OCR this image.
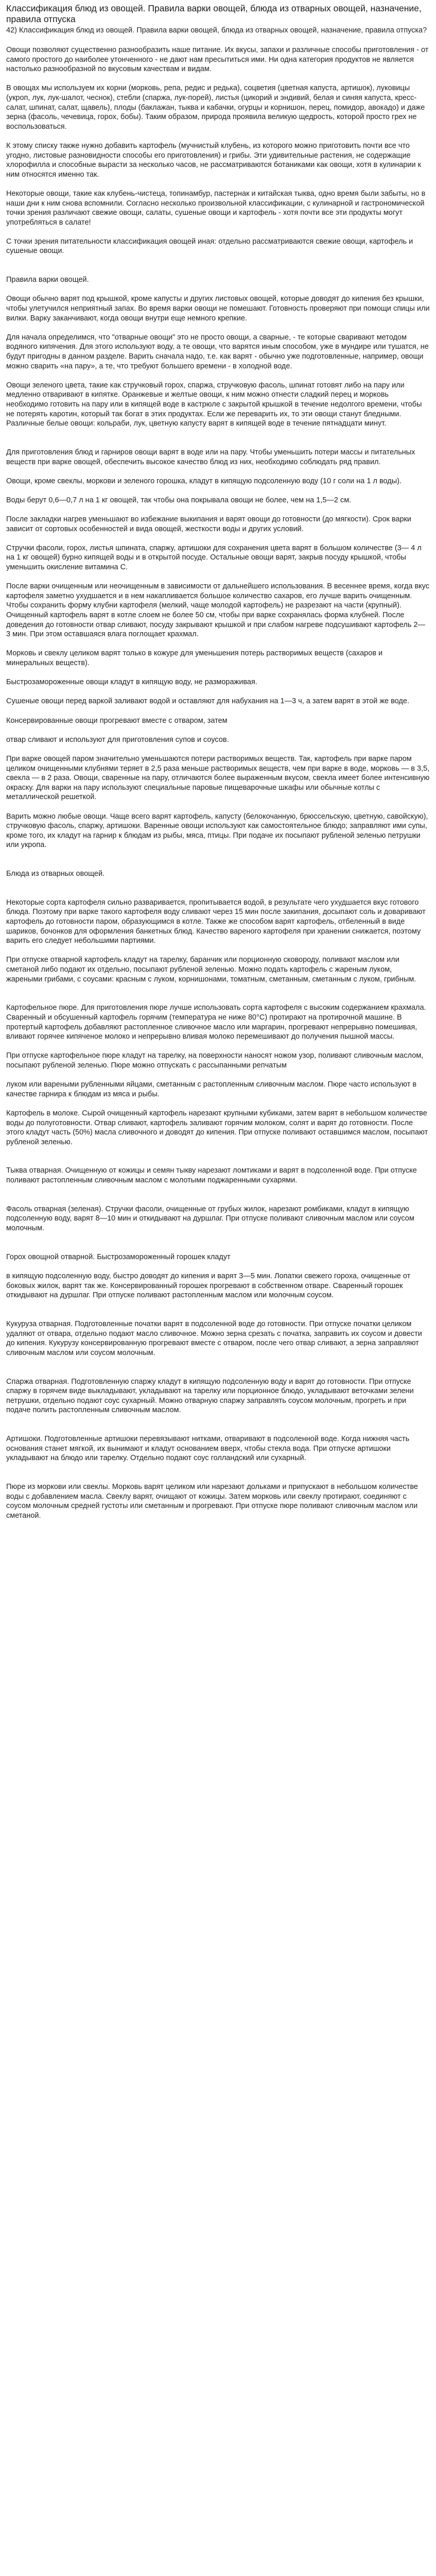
Классификация блюд из овощей. Правила варки овощей, блюда из отварных овощей, назначение, правила отпуска
42) Классификация блюд из овощей. Правила варки овощей, блюда из отварных овощей, назначение, правила отпуска?

Овощи позволяют существенно разнообразить наше питание. Их вкусы, запахи и различные способы приготовления - от самого простого до наиболее утонченного - не дают нам пресытиться ими. Ни одна категория продуктов не является настолько разнообразной по вкусовым качествам и видам.

В овощах мы используем их корни (морковь, репа, редис и редька), соцветия (цветная капуста, артишок), луковицы (укроп, лук, лук-шалот, чеснок), стебли (спаржа, лук-порей), листья (цикорий и эндивий, белая и синяя капуста, кресс-салат, шпинат, салат, щавель), плоды (баклажан, тыква и кабачки, огурцы и корнишон, перец, помидор, авокадо) и даже зерна (фасоль, чечевица, горох, бобы). Таким образом, природа проявила великую щедрость, которой просто грех не воспользоваться.

К этому списку также нужно добавить картофель (мучнистый клубень, из которого можно приготовить почти все что угодно, листовые разновидности способы его приготовления) и грибы. Эти удивительные растения, не содержащие хлорофилла и способные вырасти за несколько часов, не рассматриваются ботаниками как овощи, хотя в кулинарии к ним относятся именно так.

Некоторые овощи, такие как клубень-чистеца, топинамбур, пастернак и китайская тыква, одно время были забыты, но в наши дни к ним снова вспомнили. Согласно несколько произвольной классификации, с кулинарной и гастрономической точки зрения различают свежие овощи, салаты, сушеные овощи и картофель - хотя почти все эти продукты могут употребляться в салате!

С точки зрения питательности классификация овощей иная: отдельно рассматриваются свежие овощи, картофель и сушеные овощи.

Правила варки овощей.

Овощи обычно варят под крышкой, кроме капусты и других листовых овощей, которые доводят до кипения без крышки, чтобы улетучился неприятный запах. Во время варки овощи не помешают. Готовность проверяют при помощи спицы или вилки. Варку заканчивают, когда овощи внутри еще немного крепкие.

Для начала определимся, что "отварные овощи" это не просто овощи, а сварные, - те которые сваривают методом водяного кипячения. Для этого используют воду, а те овощи, что варятся иным способом, уже в мундире или тушатся, не будут пригодны в данном разделе. Варить сначала надо, т.е. как варят - обычно уже подготовленные, например, овощи можно сварить «на пару», а те, что требуют большего времени - в холодной воде.

Овощи зеленого цвета, такие как стручковый горох, спаржа, стручковую фасоль, шпинат готовят либо на пару или медленно отваривают в кипятке. Оранжевые и желтые овощи, к ним можно отнести сладкий перец и морковь необходимо готовить на пару или в кипящей воде в кастрюле с закрытой крышкой в течение недолгого времени, чтобы не потерять каротин, который так богат в этих продуктах. Если же переварить их, то эти овощи станут бледными. Различные белые овощи: кольраби, лук, цветную капусту варят в кипящей воде в течение пятнадцати минут.

Для приготовления блюд и гарниров овощи варят в воде или на пару. Чтобы уменьшить потери массы и питательных веществ при варке овощей, обеспечить высокое качество блюд из них, необходимо соблюдать ряд правил.

Овощи, кроме свеклы, моркови и зеленого горошка, кладут в кипящую подсоленную воду (10 г соли на 1 л воды).

Воды берут 0,6—0,7 л на 1 кг овощей, так чтобы она покрывала овощи не более, чем на 1,5—2 см.

После закладки нагрев уменьшают во избежание выкипания и варят овощи до готовности (до мягкости). Срок варки зависит от сортовых особенностей и вида овощей, жесткости воды и других условий.

Стручки фасоли, горох, листья шпината, спаржу, артишоки для сохранения цвета варят в большом количестве (3— 4 л на 1 кг овощей) бурно кипящей воды и в открытой посуде. Остальные овощи варят, закрыв посуду крышкой, чтобы уменьшить окисление витамина С.

После варки очищенным или неочищенным в зависимости от дальнейшего использования. В весеннее время, когда вкус картофеля заметно ухудшается и в нем накапливается большое количество сахаров, его лучше варить очищенным. Чтобы сохранить форму клубни картофеля (мелкий, чаще молодой картофель) не разрезают на части (крупный). Очищенный картофель варят в котле слоем не более 50 см, чтобы при варке сохранялась форма клубней. После доведения до готовности отвар сливают, посуду закрывают крышкой и при слабом нагреве подсушивают картофель 2— 3 мин. При этом оставшаяся влага поглощает крахмал.

Морковь и свеклу целиком варят только в кожуре для уменьшения потерь растворимых веществ (сахаров и минеральных веществ).

Быстрозамороженные овощи кладут в кипящую воду, не размораживая.

Сушеные овощи перед варкой заливают водой и оставляют для набухания на 1—3 ч, а затем варят в этой же воде.

Консервированные овощи прогревают вместе с отваром, затем

отвар сливают и используют для приготовления супов и соусов.

При варке овощей паром значительно уменьшаются потери растворимых веществ. Так, картофель при варке паром целиком очищенными клубнями теряет в 2,5 раза меньше растворимых веществ, чем при варке в воде, морковь — в 3,5, свекла — в 2 раза. Овощи, сваренные на пару, отличаются более выраженным вкусом, свекла имеет более интенсивную окраску. Для варки на пару используют специальные паровые пищеварочные шкафы или обычные котлы с металлической решеткой.

Варить можно любые овощи. Чаще всего варят картофель, капусту (белокочанную, брюссельскую, цветную, савойскую), стручковую фасоль, спаржу, артишоки. Варенные овощи используют как самостоятельное блюдо; заправляют ими супы, кроме того, их кладут на гарнир к блюдам из рыбы, мяса, птицы. При подаче их посыпают рубленой зеленью петрушки или укропа.

Блюда из отварных овощей.

Некоторые сорта картофеля сильно разваривается, пропитывается водой, в результате чего ухудшается вкус готового блюда. Поэтому при варке такого картофеля воду сливают через 15 мин после закипания, досыпают соль и доваривают картофель до готовности паром, образующимся в котле. Также же способом варят картофель, отбеленный в виде шариков, бочонков для оформления банкетных блюд. Качество вареного картофеля при хранении снижается, поэтому варить его следует небольшими партиями.

При отпуске отварной картофель кладут на тарелку, баранчик или порционную сковороду, поливают маслом или сметаной либо подают их отдельно, посыпают рубленой зеленью. Можно подать картофель с жареным луком, жареными грибами, с соусами: красным с луком, корнишонами, томатным, сметанным, сметанным с луком, грибным.

Картофельное пюре. Для приготовления пюре лучше использовать сорта картофеля с высоким содержанием крахмала. Сваренный и обсушенный картофель горячим (температура не ниже 80°С) протирают на протирочной машине. В протертый картофель добавляют растопленное сливочное масло или маргарин, прогревают непрерывно помешивая, вливают горячее кипяченое молоко и непрерывно вливая молоко перемешивают до получения пышной массы.

При отпуске картофельное пюре кладут на тарелку, на поверхности наносят ножом узор, поливают сливочным маслом, посыпают рубленой зеленью. Пюре можно отпускать с рассыпанными репчатым

луком или вареными рубленными яйцами, сметанным с растопленным сливочным маслом. Пюре часто используют в качестве гарнира к блюдам из мяса и рыбы.

Картофель в молоке. Сырой очищенный картофель нарезают крупными кубиками, затем варят в небольшом количестве воды до полуготовности. Отвар сливают, картофель заливают горячим молоком, солят и варят до готовности. После этого кладут часть (50%) масла сливочного и доводят до кипения. При отпуске поливают оставшимся маслом, посыпают рубленой зеленью.

Тыква отварная. Очищенную от кожицы и семян тыкву нарезают ломтиками и варят в подсоленной воде. При отпуске поливают растопленным сливочным маслом с молотыми поджаренными сухарями.

Фасоль отварная (зеленая). Стручки фасоли, очищенные от грубых жилок, нарезают ромбиками, кладут в кипящую подсоленную воду, варят 8—10 мин и откидывают на дуршлаг. При отпуске поливают сливочным маслом или соусом молочным.

Горох овощной отварной. Быстрозамороженный горошек кладут

в кипящую подсоленную воду, быстро доводят до кипения и варят 3—5 мин. Лопатки свежего гороха, очищенные от боковых жилок, варят так же. Консервированный горошек прогревают в собственном отваре. Сваренный горошек откидывают на дуршлаг. При отпуске поливают растопленным маслом или молочным соусом.

Кукуруза отварная. Подготовленные початки варят в подсоленной воде до готовности. При отпуске початки целиком удаляют от отвара, отдельно подают масло сливочное. Можно зерна срезать с початка, заправить их соусом и довести до кипения. Кукурузу консервированную прогревают вместе с отваром, после чего отвар сливают, а зерна заправляют сливочным маслом или соусом молочным.

Спаржа отварная. Подготовленную спаржу кладут в кипящую подсоленную воду и варят до готовности. При отпуске спаржу в горячем виде выкладывают, укладывают на тарелку или порционное блюдо, укладывают веточками зелени петрушки, отдельно подают соус сухарный. Можно отварную спаржу заправлять соусом молочным, прогреть и при подаче полить растопленным сливочным маслом.

Артишоки. Подготовленные артишоки перевязывают нитками, отваривают в подсоленной воде. Когда нижняя часть основания станет мягкой, их вынимают и кладут основанием вверх, чтобы стекла вода. При отпуске артишоки укладывают на блюдо или тарелку. Отдельно подают соус голландский или сухарный.

Пюре из моркови или свеклы. Морковь варят целиком или нарезают дольками и припускают в небольшом количестве воды с добавлением масла. Свеклу варят, очищают от кожицы. Затем морковь или свеклу протирают, соединяют с соусом молочным средней густоты или сметанным и прогревают. При отпуске пюре поливают сливочным маслом или сметаной.
